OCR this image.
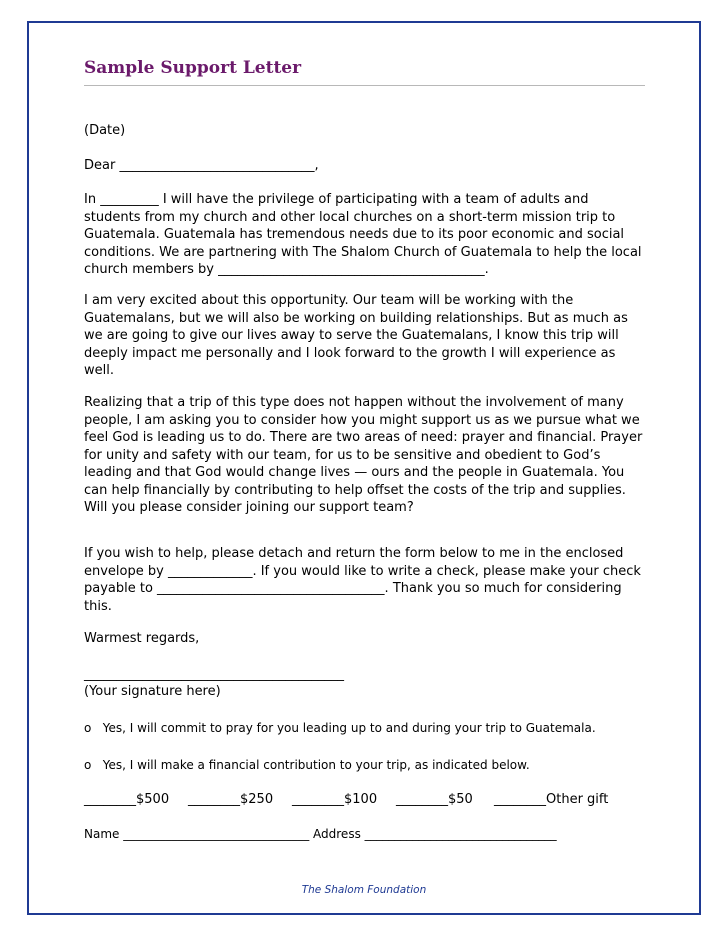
Sample Support Letter
(Date)
Dear ______________________________,
In _________ I will have the privilege of participating with a team of adults and students from my church and other local churches on a short-term mission trip to Guatemala. Guatemala has tremendous needs due to its poor economic and social conditions. We are partnering with The Shalom Church of Guatemala to help the local church members by _________________________________________.
I am very excited about this opportunity. Our team will be working with the Guatemalans, but we will also be working on building relationships. But as much as we are going to give our lives away to serve the Guatemalans, I know this trip will deeply impact me personally and I look forward to the growth I will experience as well.
Realizing that a trip of this type does not happen without the involvement of many people, I am asking you to consider how you might support us as we pursue what we feel God is leading us to do. There are two areas of need: prayer and financial. Prayer for unity and safety with our team, for us to be sensitive and obedient to God’s leading and that God would change lives — ours and the people in Guatemala. You can help financially by contributing to help offset the costs of the trip and supplies. Will you please consider joining our support team?
If you wish to help, please detach and return the form below to me in the enclosed envelope by _____________. If you would like to write a check, please make your check payable to ___________________________________. Thank you so much for considering this.
Warmest regards,
________________________________________
(Your signature here)
o   Yes, I will commit to pray for you leading up to and during your trip to Guatemala.
o   Yes, I will make a financial contribution to your trip, as indicated below.
________$500 ________$250 ________$100 ________$50 ________Other gift
Name _______________________________ Address ________________________________
The Shalom Foundation
